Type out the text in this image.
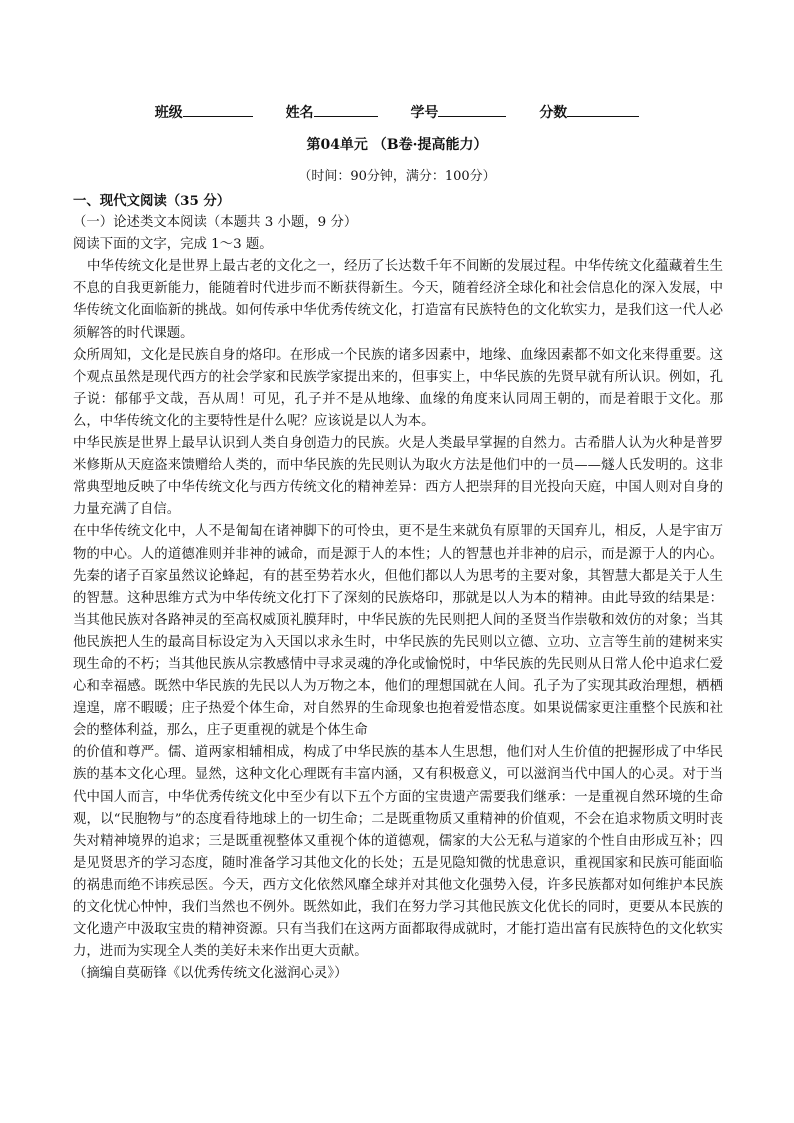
班级	姓名	学号	分数
第04单元 （B卷·提高能力）
（时间：90分钟，满分：100分）
一、现代文阅读（35 分）
（一）论述类文本阅读（本题共 3 小题，9 分）
阅读下面的文字，完成 1～3 题。

中华传统文化是世界上最古老的文化之一，经历了长达数千年不间断的发展过程。中华传统文化蕴藏着生生不息的自我更新能力，能随着时代进步而不断获得新生。今天，随着经济全球化和社会信息化的深入发展，中华传统文化面临新的挑战。如何传承中华优秀传统文化，打造富有民族特色的文化软实力，是我们这一代人必须解答的时代课题。

众所周知，文化是民族自身的烙印。在形成一个民族的诸多因素中，地缘、血缘因素都不如文化来得重要。这个观点虽然是现代西方的社会学家和民族学家提出来的，但事实上，中华民族的先贤早就有所认识。例如，孔子说：郁郁乎文哉，吾从周！可见，孔子并不是从地缘、血缘的角度来认同周王朝的，而是着眼于文化。那么，中华传统文化的主要特性是什么呢？应该说是以人为本。

中华民族是世界上最早认识到人类自身创造力的民族。火是人类最早掌握的自然力。古希腊人认为火种是普罗米修斯从天庭盗来馈赠给人类的，而中华民族的先民则认为取火方法是他们中的一员——燧人氏发明的。这非常典型地反映了中华传统文化与西方传统文化的精神差异：西方人把崇拜的目光投向天庭，中国人则对自身的力量充满了自信。

在中华传统文化中，人不是匍匐在诸神脚下的可怜虫，更不是生来就负有原罪的天国弃儿，相反，人是宇宙万物的中心。人的道德准则并非神的诫命，而是源于人的本性；人的智慧也并非神的启示，而是源于人的内心。先秦的诸子百家虽然议论蜂起，有的甚至势若水火，但他们都以人为思考的主要对象，其智慧大都是关于人生的智慧。这种思维方式为中华传统文化打下了深刻的民族烙印，那就是以人为本的精神。由此导致的结果是：当其他民族对各路神灵的至高权威顶礼膜拜时，中华民族的先民则把人间的圣贤当作崇敬和效仿的对象；当其他民族把人生的最高目标设定为入天国以求永生时，中华民族的先民则以立德、立功、立言等生前的建树来实现生命的不朽；当其他民族从宗教感情中寻求灵魂的净化或愉悦时，中华民族的先民则从日常人伦中追求仁爱心和幸福感。既然中华民族的先民以人为万物之本，他们的理想国就在人间。孔子为了实现其政治理想，栖栖遑遑，席不暇暖；庄子热爱个体生命，对自然界的生命现象也抱着爱惜态度。如果说儒家更注重整个民族和社会的整体利益，那么，庄子更重视的就是个体生命

的价值和尊严。儒、道两家相辅相成，构成了中华民族的基本人生思想，他们对人生价值的把握形成了中华民族的基本文化心理。显然，这种文化心理既有丰富内涵，又有积极意义，可以滋润当代中国人的心灵。对于当代中国人而言，中华优秀传统文化中至少有以下五个方面的宝贵遗产需要我们继承：一是重视自然环境的生命观，以“民胞物与”的态度看待地球上的一切生命；二是既重物质又重精神的价值观，不会在追求物质文明时丧失对精神境界的追求；三是既重视整体又重视个体的道德观，儒家的大公无私与道家的个性自由形成互补；四是见贤思齐的学习态度，随时准备学习其他文化的长处；五是见隐知微的忧患意识，重视国家和民族可能面临的祸患而绝不讳疾忌医。今天，西方文化依然风靡全球并对其他文化强势入侵，许多民族都对如何维护本民族的文化忧心忡忡，我们当然也不例外。既然如此，我们在努力学习其他民族文化优长的同时，更要从本民族的文化遗产中汲取宝贵的精神资源。只有当我们在这两方面都取得成就时，才能打造出富有民族特色的文化软实力，进而为实现全人类的美好未来作出更大贡献。

（摘编自莫砺锋《以优秀传统文化滋润心灵》）
